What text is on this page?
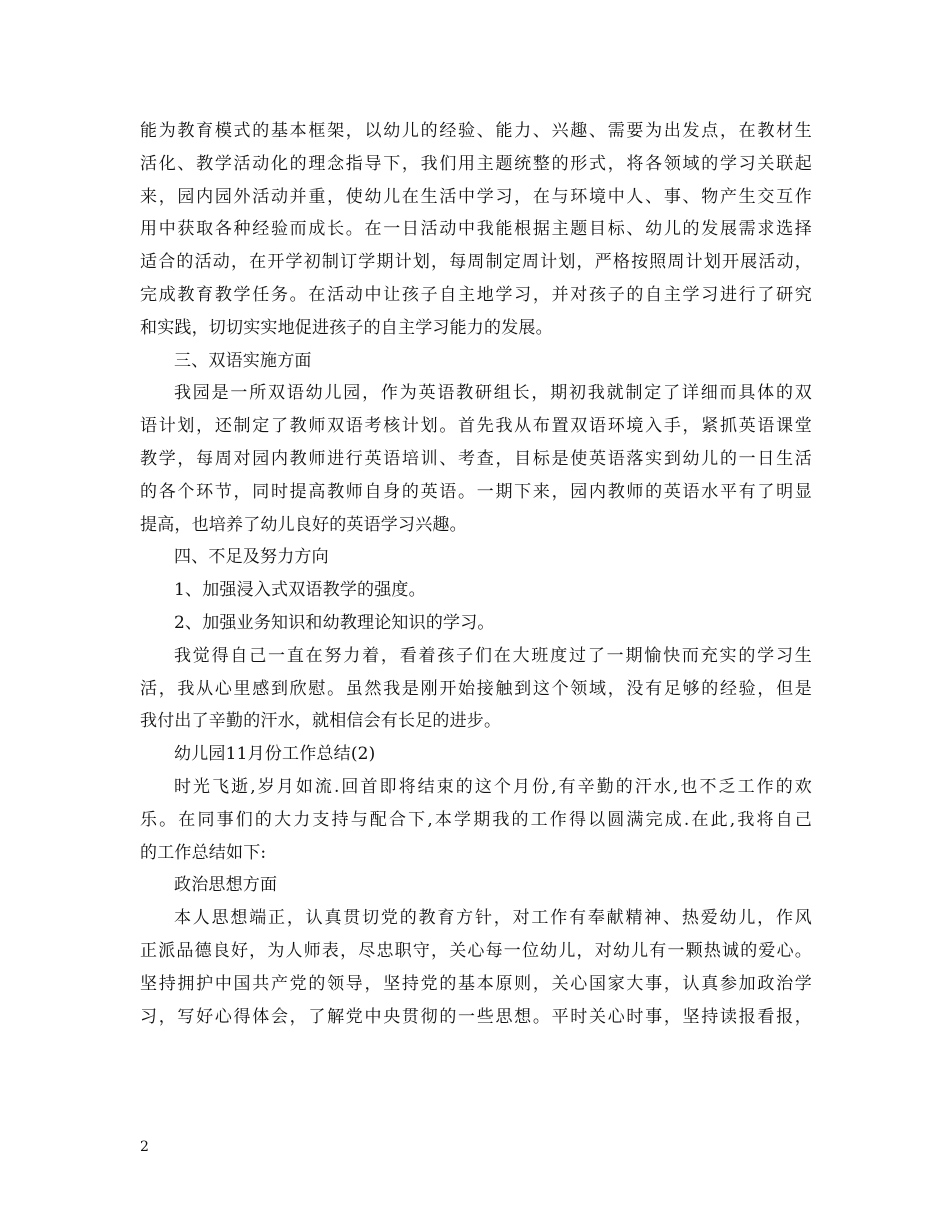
能为教育模式的基本框架，以幼儿的经验、能力、兴趣、需要为出发点，在教材生
活化、教学活动化的理念指导下，我们用主题统整的形式，将各领域的学习关联起
来，园内园外活动并重，使幼儿在生活中学习，在与环境中人、事、物产生交互作
用中获取各种经验而成长。在一日活动中我能根据主题目标、幼儿的发展需求选择
适合的活动，在开学初制订学期计划，每周制定周计划，严格按照周计划开展活动，
完成教育教学任务。在活动中让孩子自主地学习，并对孩子的自主学习进行了研究
和实践，切切实实地促进孩子的自主学习能力的发展。
三、双语实施方面
我园是一所双语幼儿园，作为英语教研组长，期初我就制定了详细而具体的双
语计划，还制定了教师双语考核计划。首先我从布置双语环境入手，紧抓英语课堂
教学，每周对园内教师进行英语培训、考查，目标是使英语落实到幼儿的一日生活
的各个环节，同时提高教师自身的英语。一期下来，园内教师的英语水平有了明显
提高，也培养了幼儿良好的英语学习兴趣。
四、不足及努力方向
1、加强浸入式双语教学的强度。
2、加强业务知识和幼教理论知识的学习。
我觉得自己一直在努力着，看着孩子们在大班度过了一期愉快而充实的学习生
活，我从心里感到欣慰。虽然我是刚开始接触到这个领域，没有足够的经验，但是
我付出了辛勤的汗水，就相信会有长足的进步。
幼儿园11月份工作总结(2)
时光飞逝,岁月如流.回首即将结束的这个月份,有辛勤的汗水,也不乏工作的欢
乐。在同事们的大力支持与配合下,本学期我的工作得以圆满完成.在此,我将自己
的工作总结如下:
政治思想方面
本人思想端正，认真贯切党的教育方针，对工作有奉献精神、热爱幼儿，作风
正派品德良好，为人师表，尽忠职守，关心每一位幼儿，对幼儿有一颗热诚的爱心。
坚持拥护中国共产党的领导，坚持党的基本原则，关心国家大事，认真参加政治学
习，写好心得体会，了解党中央贯彻的一些思想。平时关心时事，坚持读报看报，
2
